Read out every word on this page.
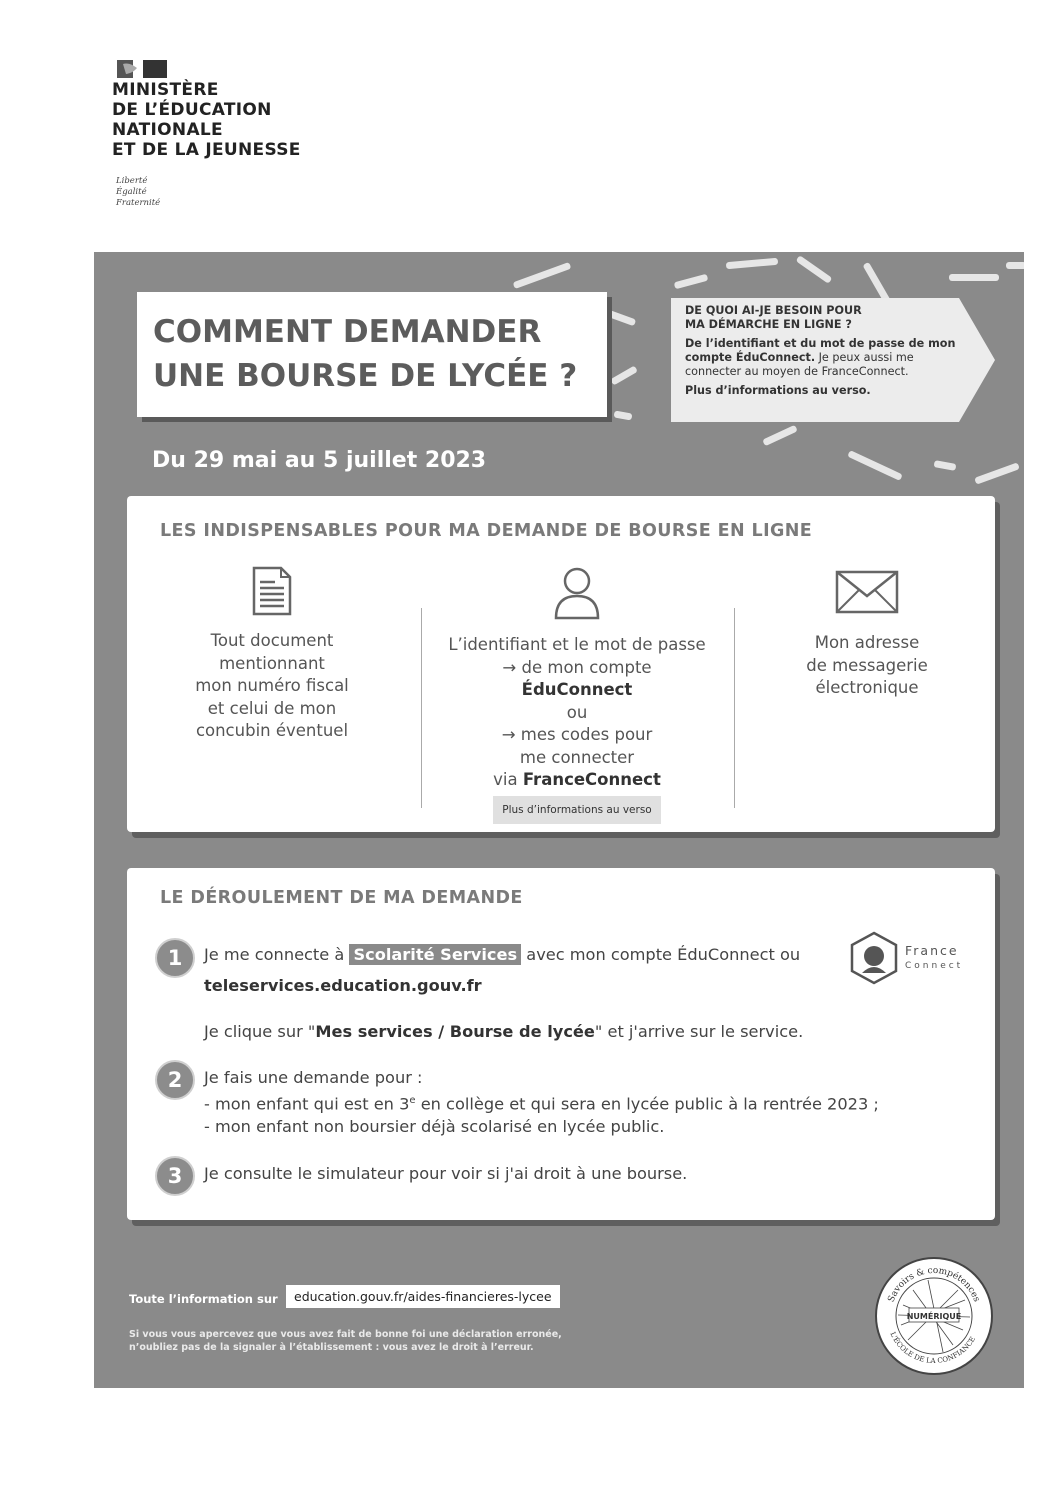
MINISTÈRE
DE L’ÉDUCATION
NATIONALE
ET DE LA JEUNESSE
Liberté
Égalité
Fraternité
COMMENT DEMANDER
UNE BOURSE DE LYCÉE ?
DE QUOI AI-JE BESOIN POUR
MA DÉMARCHE EN LIGNE ?

De l’identifiant et du mot de passe de mon
compte ÉduConnect. Je peux aussi me
connecter au moyen de FranceConnect.

Plus d’informations au verso.

Du 29 mai au 5 juillet 2023
LES INDISPENSABLES POUR MA DEMANDE DE BOURSE EN LIGNE
Tout document
mentionnant
mon numéro fiscal
et celui de mon
concubin éventuel
L’identifiant et le mot de passe
→ de mon compte
ÉduConnect
ou
→ mes codes pour
me connecter
via FranceConnect
Plus d’informations au verso
Mon adresse
de messagerie
électronique
LE DÉROULEMENT DE MA DEMANDE
1	Je me connecte à Scolarité Services avec mon compte ÉduConnect ou
teleservices.education.gouv.fr
Je clique sur "Mes services / Bourse de lycée" et j'arrive sur le service.
France
Connect
2	Je fais une demande pour :
- mon enfant qui est en 3e en collège et qui sera en lycée public à la rentrée 2023 ;
- mon enfant non boursier déjà scolarisé en lycée public.
3	Je consulte le simulateur pour voir si j'ai droit à une bourse.
Toute l’information sur	education.gouv.fr/aides-financieres-lycee
Si vous vous apercevez que vous avez fait de bonne foi une déclaration erronée,
n’oubliez pas de la signaler à l’établissement : vous avez le droit à l’erreur.
Savoirs & compétences
NUMÉRIQUE
L'ÉCOLE DE LA CONFIANCE
